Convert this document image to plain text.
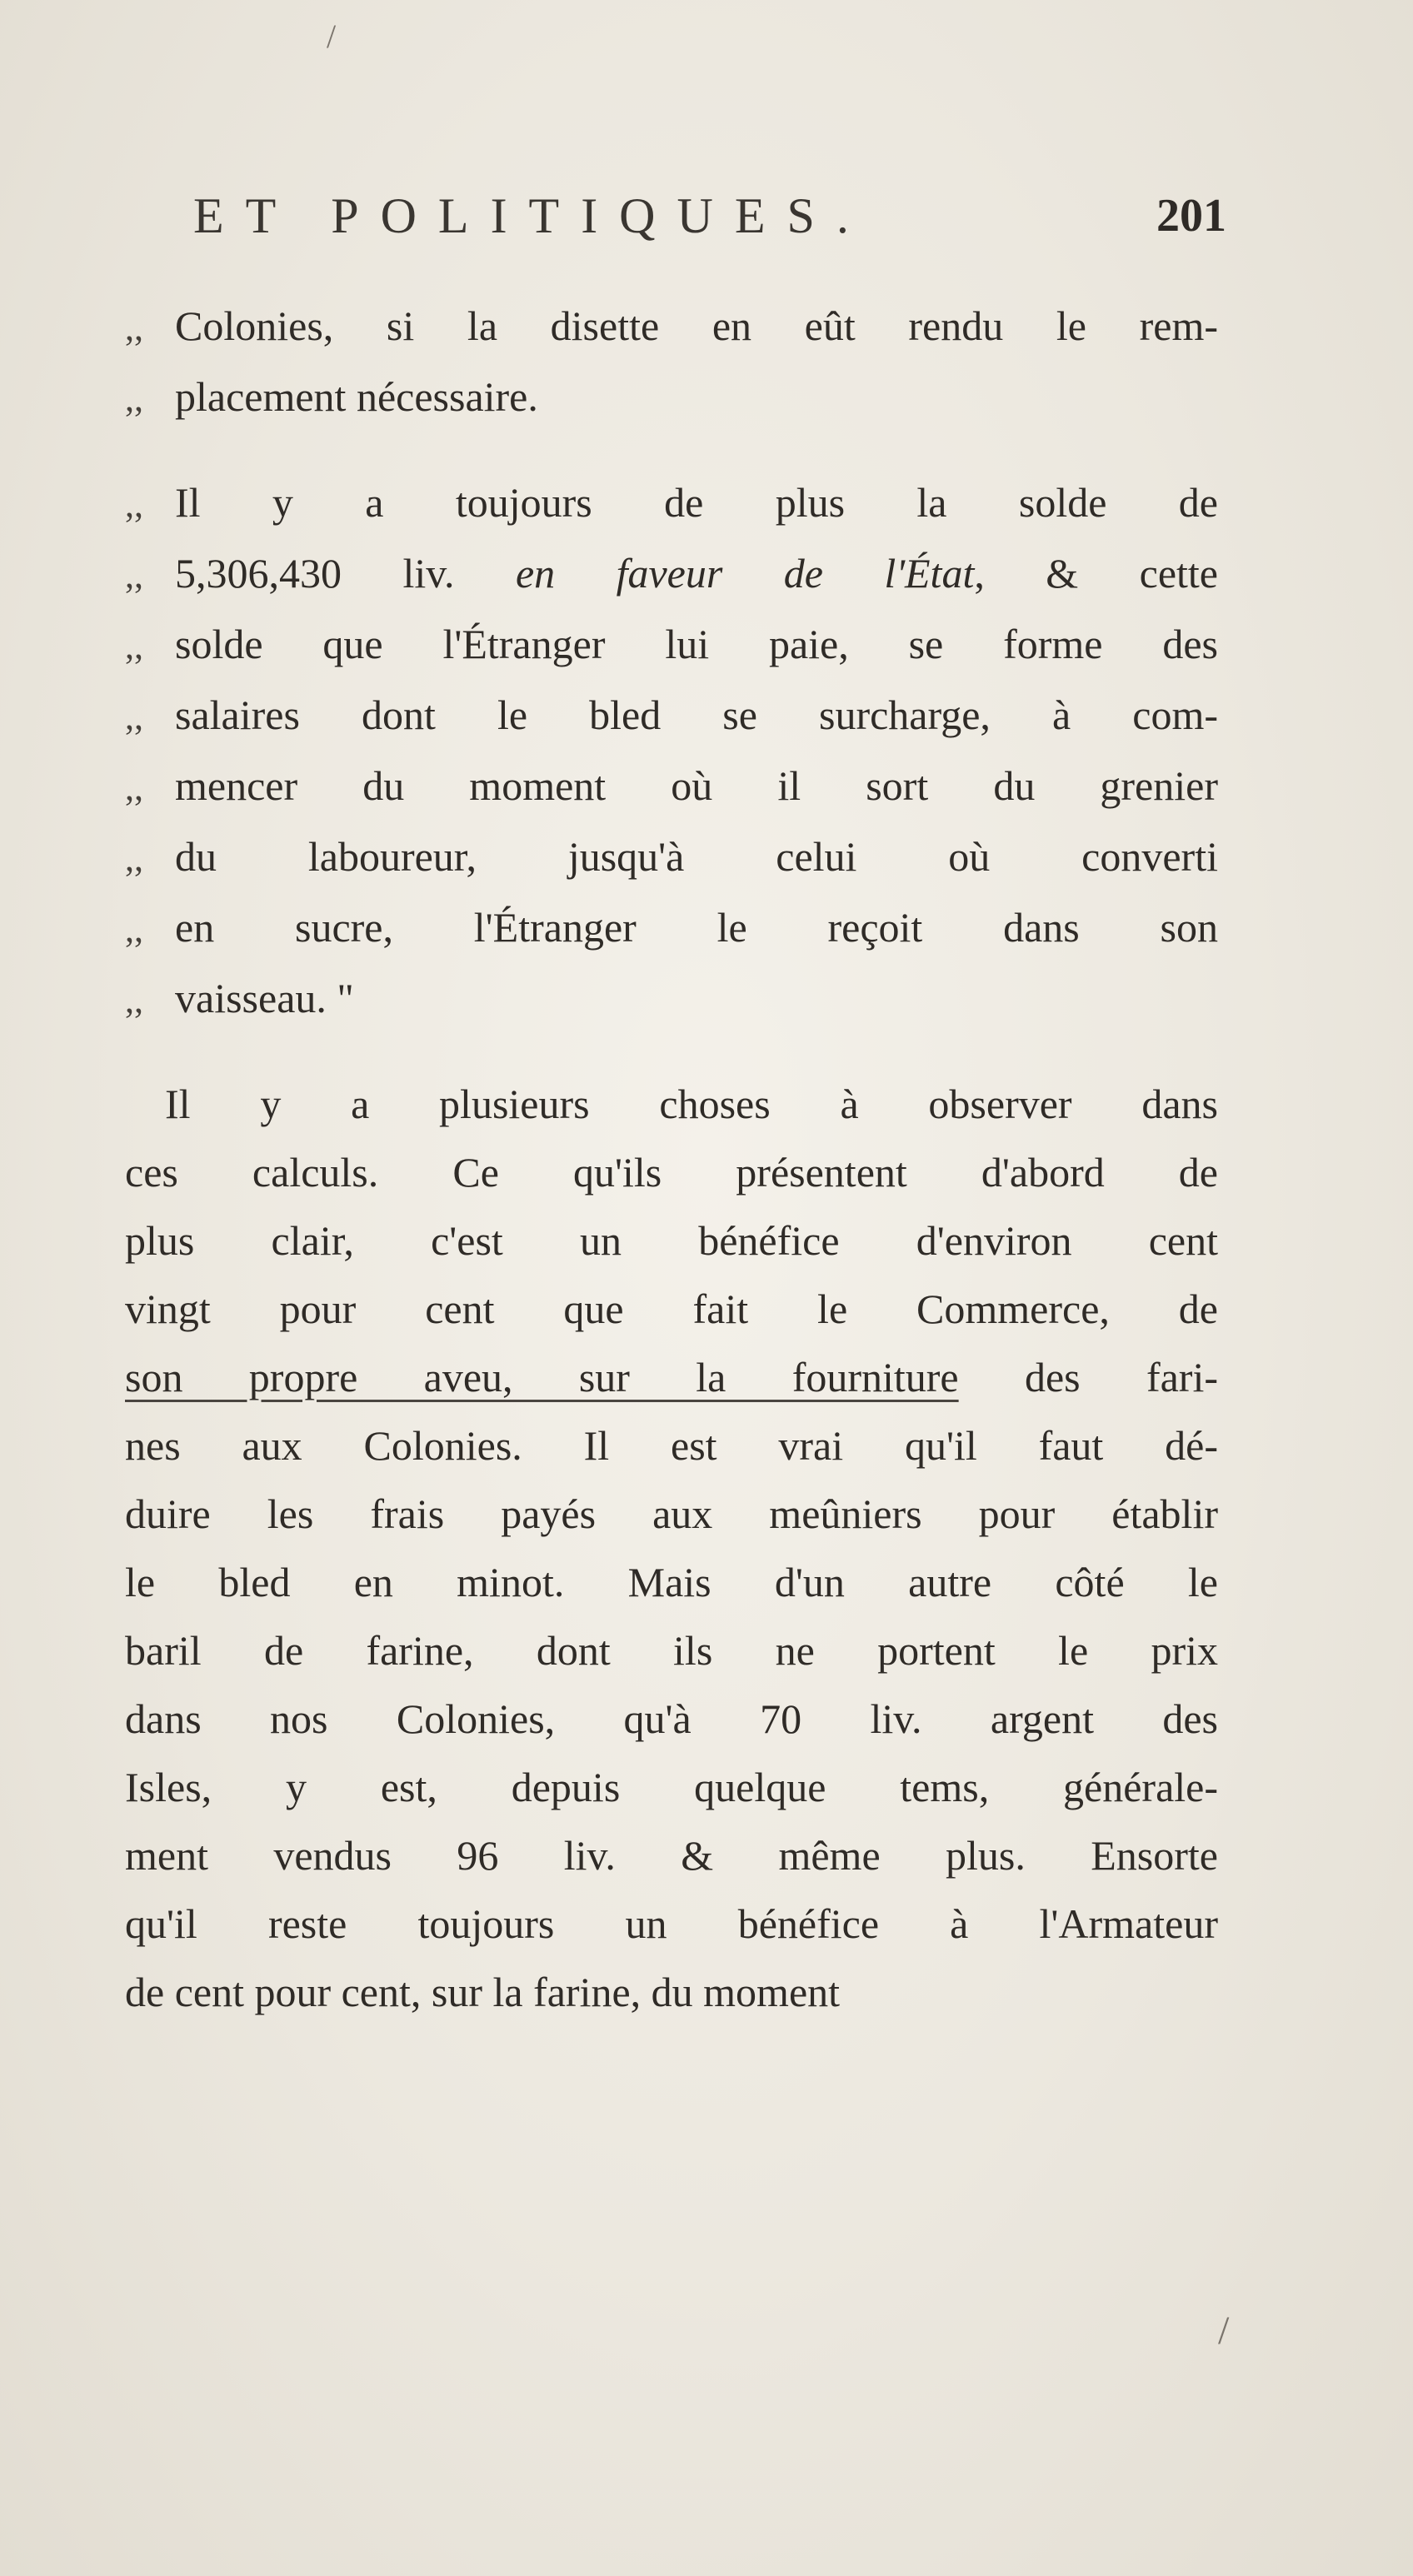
ET POLITIQUES.	201
,, Colonies, si la disette en eût rendu le rem-
,, placement nécessaire.
,, Il y a toujours de plus la solde de
,, 5,306,430 liv. en faveur de l'État, & cette
,, solde que l'Étranger lui paie, se forme des
,, salaires dont le bled se surcharge, à com-
,, mencer du moment où il sort du grenier
,, du laboureur, jusqu'à celui où converti
,, en sucre, l'Étranger le reçoit dans son
,, vaisseau. "
Il y a plusieurs choses à observer dans
ces calculs. Ce qu'ils présentent d'abord de
plus clair, c'est un bénéfice d'environ cent
vingt pour cent que fait le Commerce, de
son propre aveu, sur la fourniture des fari-
nes aux Colonies. Il est vrai qu'il faut dé-
duire les frais payés aux meûniers pour établir
le bled en minot. Mais d'un autre côté le
baril de farine, dont ils ne portent le prix
dans nos Colonies, qu'à 70 liv. argent des
Isles, y est, depuis quelque tems, générale-
ment vendus 96 liv. & même plus. Ensorte
qu'il reste toujours un bénéfice à l'Armateur
de cent pour cent, sur la farine, du moment
/
/
